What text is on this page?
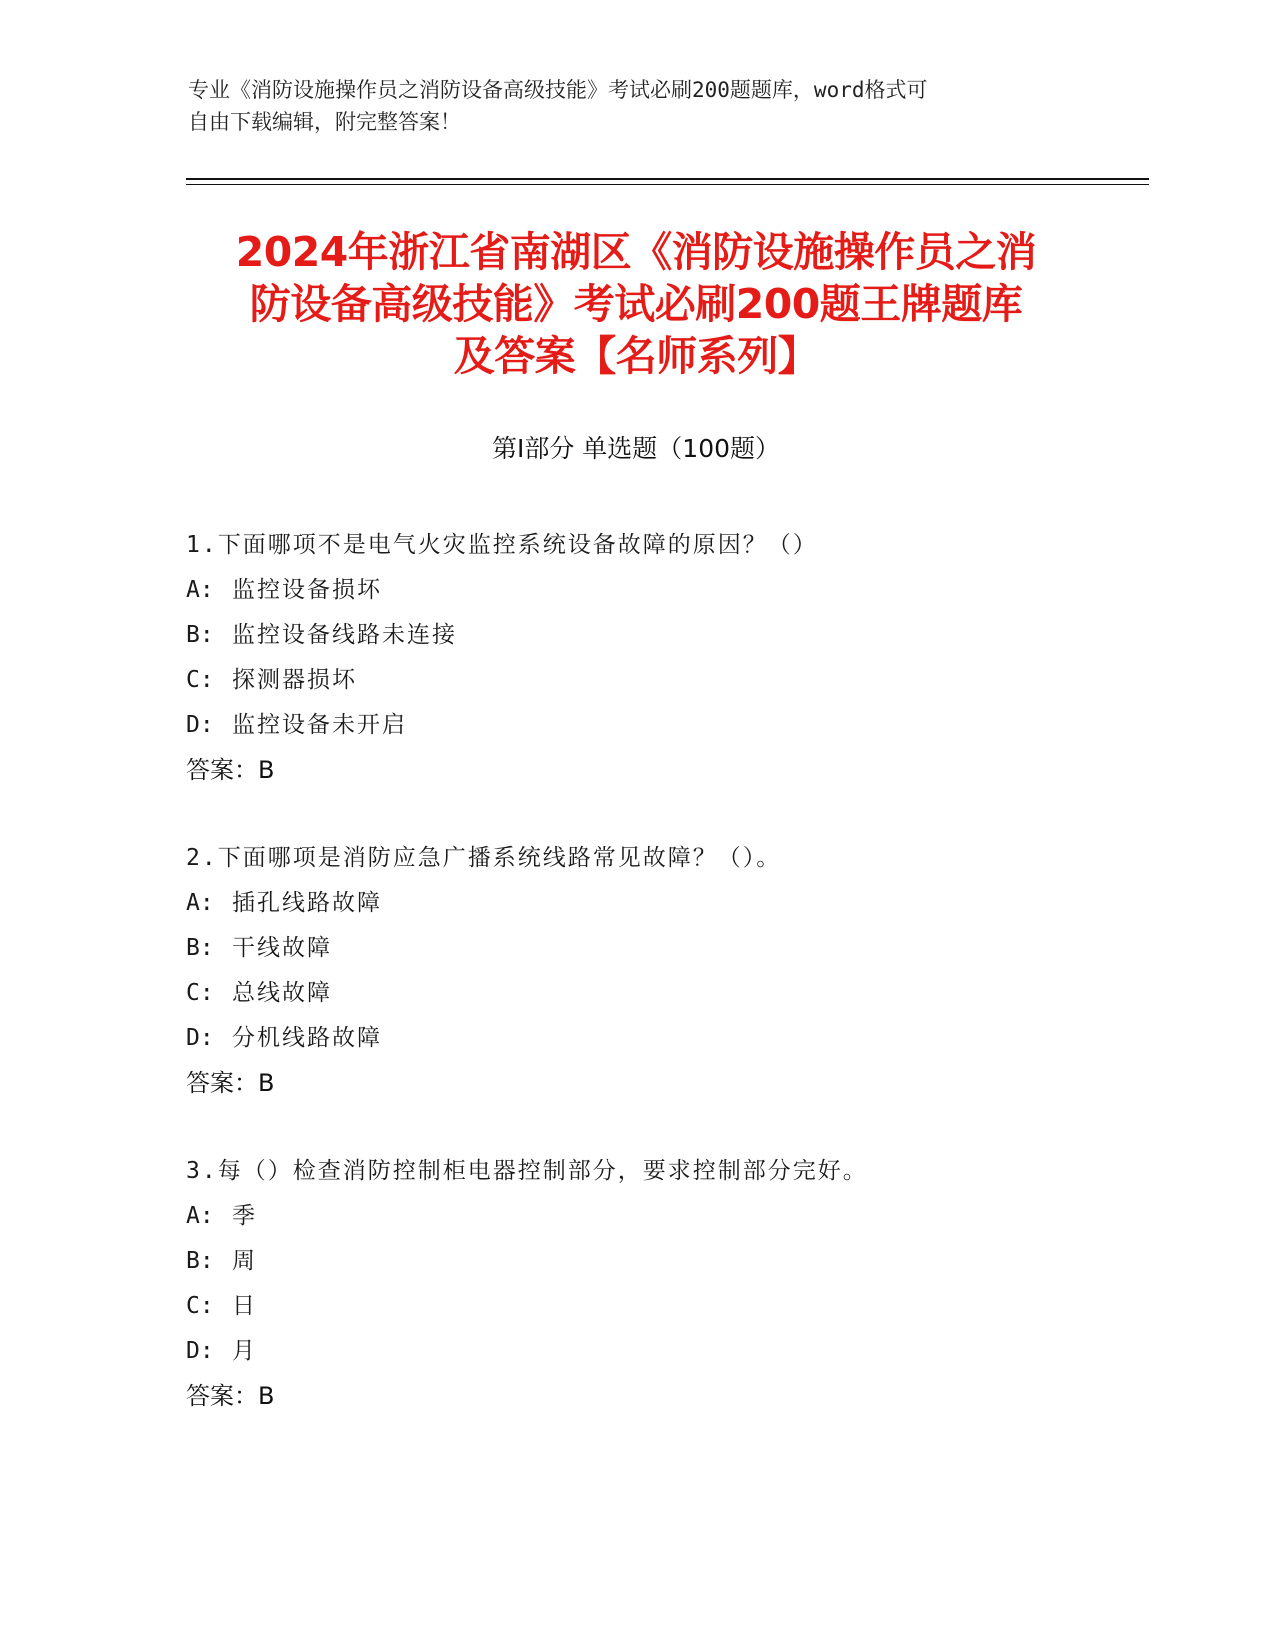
专业《消防设施操作员之消防设备高级技能》考试必刷200题题库，word格式可
自由下载编辑，附完整答案！
2024年浙江省南湖区《消防设施操作员之消
防设备高级技能》考试必刷200题王牌题库
及答案【名师系列】
第Ⅰ部分 单选题（100题）
1.下面哪项不是电气火灾监控系统设备故障的原因？（）
A: 监控设备损坏
B: 监控设备线路未连接
C: 探测器损坏
D: 监控设备未开启
答案：B
2.下面哪项是消防应急广播系统线路常见故障？（）。
A: 插孔线路故障
B: 干线故障
C: 总线故障
D: 分机线路故障
答案：B
3.每（）检查消防控制柜电器控制部分，要求控制部分完好。
A: 季
B: 周
C: 日
D: 月
答案：B
